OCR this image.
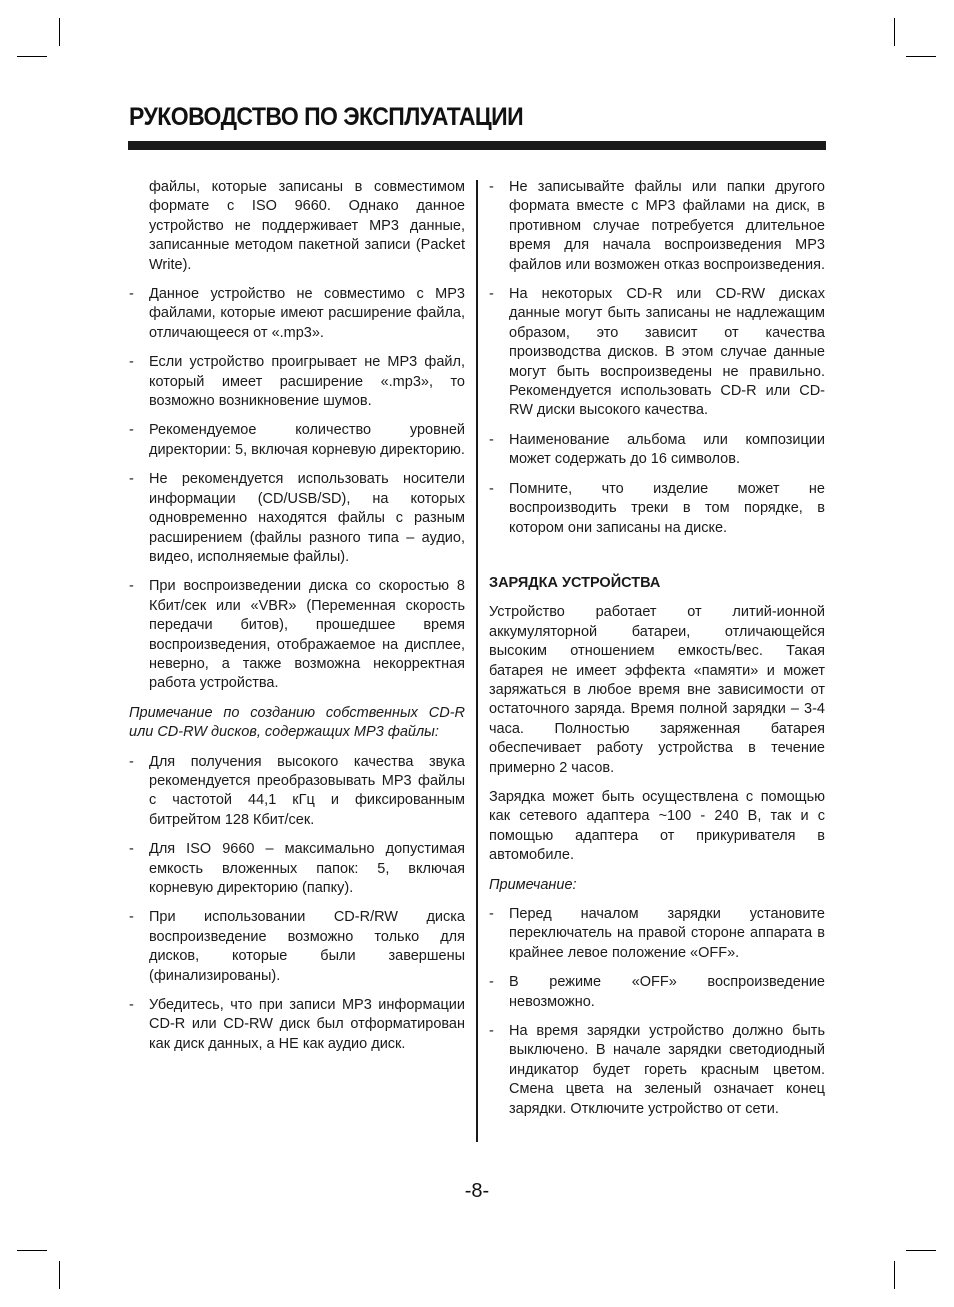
РУКОВОДСТВО ПО ЭКСПЛУАТАЦИИ

файлы, которые записаны в совместимом формате с ISO 9660. Однако данное устройство не поддерживает MP3 данные, записанные методом пакетной записи (Packet Write).

- Данное устройство не совместимо с MP3 файлами, которые имеют расширение файла, отличающееся от «.mp3».
- Если устройство проигрывает не MP3 файл, который имеет расширение «.mp3», то возможно возникновение шумов.
- Рекомендуемое количество уровней директории: 5, включая корневую директорию.
- Не рекомендуется использовать носители информации (CD/USB/SD), на которых одновременно находятся файлы с разным расширением (файлы разного типа – аудио, видео, исполняемые файлы).
- При воспроизведении диска со скоростью 8 Кбит/сек или «VBR» (Переменная скорость передачи битов), прошедшее время воспроизведения, отображаемое на дисплее, неверно, а также возможна некорректная работа устройства.

Примечание по созданию собственных CD-R или CD-RW дисков, содержащих MP3 файлы:

- Для получения высокого качества звука рекомендуется преобразовывать MP3 файлы с частотой 44,1 кГц и фиксированным битрейтом 128 Кбит/сек.
- Для ISO 9660 – максимально допустимая емкость вложенных папок: 5, включая корневую директорию (папку).
- При использовании CD-R/RW диска воспроизведение возможно только для дисков, которые были завершены (финализированы).
- Убедитесь, что при записи MP3 информации CD-R или CD-RW диск был отформатирован как диск данных, а НЕ как аудио диск.
- Не записывайте файлы или папки другого формата вместе с MP3 файлами на диск, в противном случае потребуется длительное время для начала воспроизведения MP3 файлов или возможен отказ воспроизведения.
- На некоторых CD-R или CD-RW дисках данные могут быть записаны не надлежащим образом, это зависит от качества производства дисков. В этом случае данные могут быть воспроизведены не правильно. Рекомендуется использовать CD-R или CD-RW диски высокого качества.
- Наименование альбома или композиции может содержать до 16 символов.
- Помните, что изделие может не воспроизводить треки в том порядке, в котором они записаны на диске.

ЗАРЯДКА УСТРОЙСТВА

Устройство работает от литий-ионной аккумуляторной батареи, отличающейся высоким отношением емкость/вес. Такая батарея не имеет эффекта «памяти» и может заряжаться в любое время вне зависимости от остаточного заряда. Время полной зарядки – 3-4 часа. Полностью заряженная батарея обеспечивает работу устройства в течение примерно 2 часов.

Зарядка может быть осуществлена с помощью как сетевого адаптера ~100 - 240 В, так и с помощью адаптера от прикуривателя в автомобиле.

Примечание:

- Перед началом зарядки установите переключатель на правой стороне аппарата в крайнее левое положение «OFF».
- В режиме «OFF» воспроизведение невозможно.
- На время зарядки устройство должно быть выключено. В начале зарядки светодиодный индикатор будет гореть красным цветом. Смена цвета на зеленый означает конец зарядки. Отключите устройство от сети.
-8-
